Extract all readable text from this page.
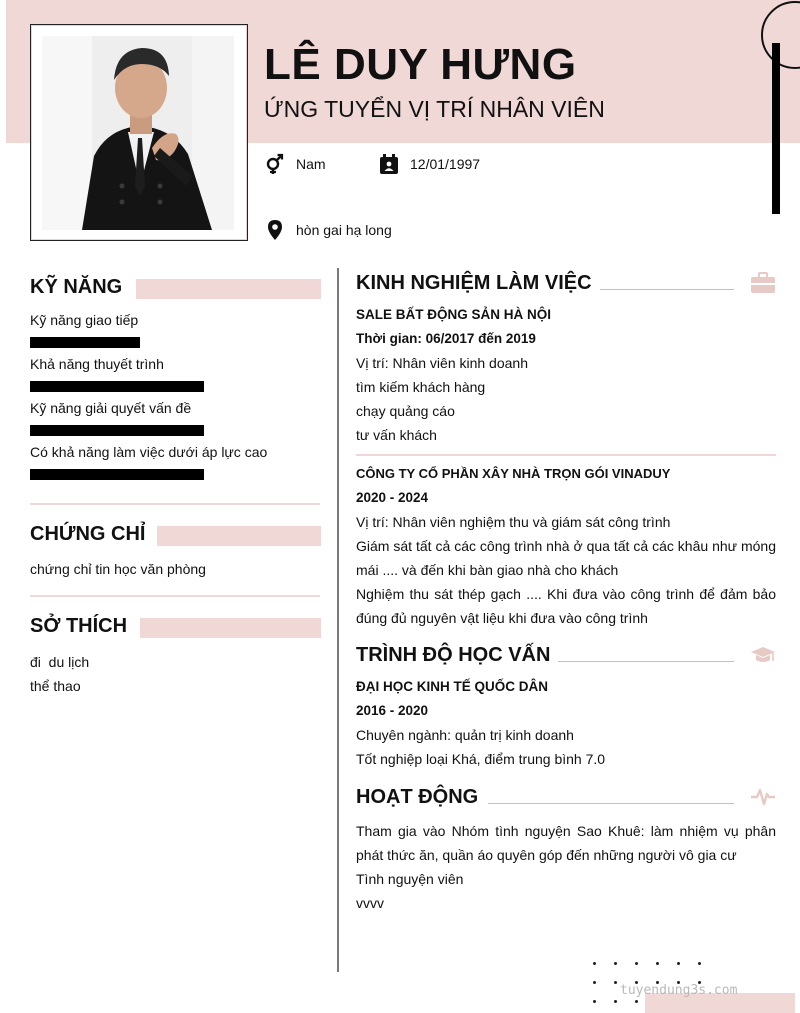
LÊ DUY HƯNG
ỨNG TUYỂN VỊ TRÍ NHÂN VIÊN
Nam	12/01/1997
hòn gai hạ long
KỸ NĂNG
Kỹ năng giao tiếp
Khả năng thuyết trình
Kỹ năng giải quyết vấn đề
Có khả năng làm việc dưới áp lực cao
CHỨNG CHỈ
chứng chỉ tin học văn phòng
SỞ THÍCH
đi  du lịch
thể thao
KINH NGHIỆM LÀM VIỆC
SALE BẤT ĐỘNG SẢN HÀ NỘI
Thời gian: 06/2017 đến 2019
Vị trí: Nhân viên kinh doanh
tìm kiếm khách hàng
chạy quảng cáo
tư vấn khách
CÔNG TY CỔ PHẦN XÂY NHÀ TRỌN GÓI VINADUY
2020 - 2024
Vị trí: Nhân viên nghiệm thu và giám sát công trình
Giám sát tất cả các công trình nhà ở qua tất cả các khâu như móng mái .... và đến khi bàn giao nhà cho khách
Nghiệm thu sát thép gạch .... Khi đưa vào công trình để đảm bảo đúng đủ nguyên vật liệu khi đưa vào công trình
TRÌNH ĐỘ HỌC VẤN
ĐẠI HỌC KINH TẾ QUỐC DÂN
2016 - 2020
Chuyên ngành: quản trị kinh doanh
Tốt nghiệp loại Khá, điểm trung bình 7.0
HOẠT ĐỘNG
Tham gia vào Nhóm tình nguyện Sao Khuê: làm nhiệm vụ phân phát thức ăn, quần áo quyên góp đến những người vô gia cư
Tình nguyện viên
vvvv
tuyendung3s.com
